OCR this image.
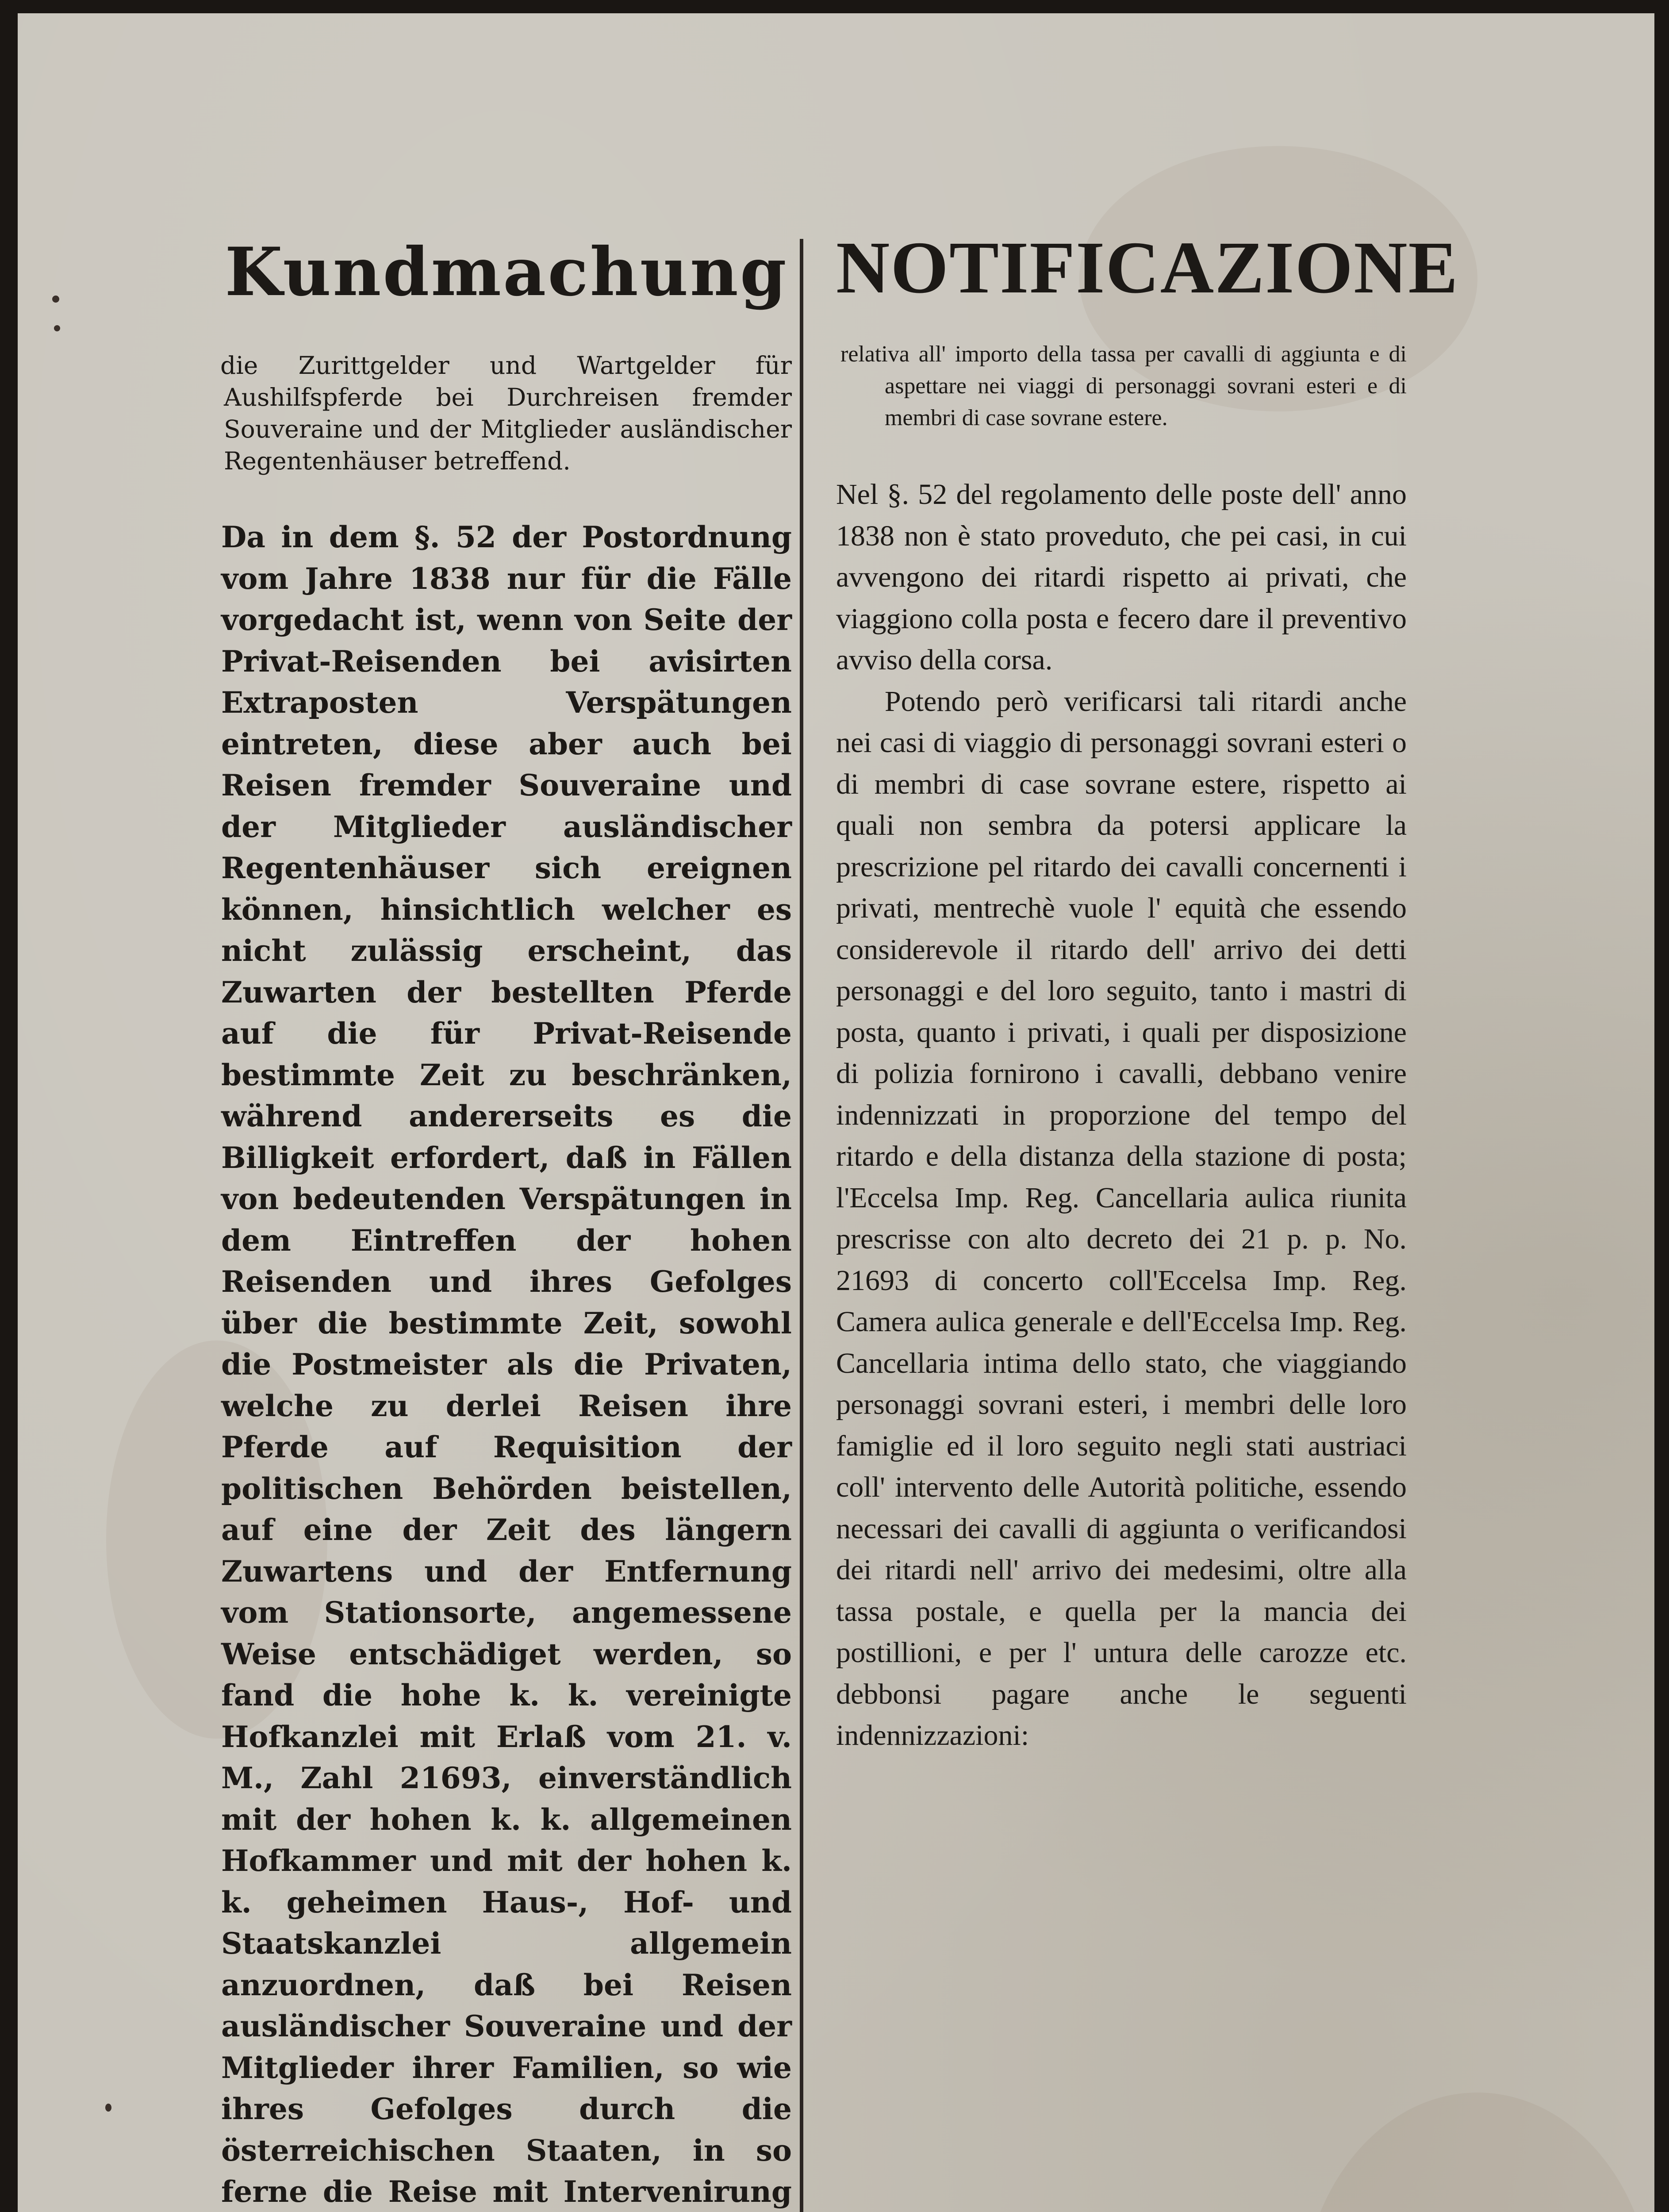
Kundmachung

die Zurittgelder und Wartgelder für Aushilfspferde bei Durchreisen fremder Souveraine und der Mitglieder ausländischer Regentenhäuser betreffend.

Da in dem §. 52 der Postordnung vom Jahre 1838 nur für die Fälle vorgedacht ist, wenn von Seite der Privat-Reisenden bei avisirten Extraposten Verspätungen eintreten, diese aber auch bei Reisen fremder Souveraine und der Mitglieder ausländischer Regentenhäuser sich ereignen können, hinsichtlich welcher es nicht zulässig erscheint, das Zuwarten der bestellten Pferde auf die für Privat-Reisende bestimmte Zeit zu beschränken, während andererseits es die Billigkeit erfordert, daß in Fällen von bedeutenden Verspätungen in dem Eintreffen der hohen Reisenden und ihres Gefolges über die bestimmte Zeit, sowohl die Postmeister als die Privaten, welche zu derlei Reisen ihre Pferde auf Requisition der politischen Behörden beistellen, auf eine der Zeit des längern Zuwartens und der Entfernung vom Stationsorte, angemessene Weise entschädiget werden, so fand die hohe k. k. vereinigte Hofkanzlei mit Erlaß vom 21. v. M., Zahl 21693, einverständlich mit der hohen k. k. allgemeinen Hofkammer und mit der hohen k. k. geheimen Haus-, Hof- und Staatskanzlei allgemein anzuordnen, daß bei Reisen ausländischer Souveraine und der Mitglieder ihrer Familien, so wie ihres Gefolges durch die österreichischen Staaten, in so ferne die Reise mit Intervenirung

NOTIFICAZIONE

relativa all' importo della tassa per cavalli di aggiunta e di aspettare nei viaggi di personaggi sovrani esteri e di membri di case sovrane estere.

Nel §. 52 del regolamento delle poste dell' anno 1838 non è stato proveduto, che pei casi, in cui avvengono dei ritardi rispetto ai privati, che viaggiono colla posta e fecero dare il preventivo avviso della corsa.

Potendo però verificarsi tali ritardi anche nei casi di viaggio di personaggi sovrani esteri o di membri di case sovrane estere, rispetto ai quali non sembra da potersi applicare la prescrizione pel ritardo dei cavalli concernenti i privati, mentrechè vuole l' equità che essendo considerevole il ritardo dell' arrivo dei detti personaggi e del loro seguito, tanto i mastri di posta, quanto i privati, i quali per disposizione di polizia fornirono i cavalli, debbano venire indennizzati in proporzione del tempo del ritardo e della distanza della stazione di posta; l'Eccelsa Imp. Reg. Cancellaria aulica riunita prescrisse con alto decreto dei 21 p. p. No. 21693 di concerto coll'Eccelsa Imp. Reg. Camera aulica generale e dell'Eccelsa Imp. Reg. Cancellaria intima dello stato, che viaggiando personaggi sovrani esteri, i membri delle loro famiglie ed il loro seguito negli stati austriaci coll' intervento delle Autorità politiche, essendo necessari dei cavalli di aggiunta o verificandosi dei ritardi nell' arrivo dei medesimi, oltre alla tassa postale, e quella per la mancia dei postillioni, e per l' untura delle carozze etc. debbonsi pagare anche le seguenti indennizzazioni:
